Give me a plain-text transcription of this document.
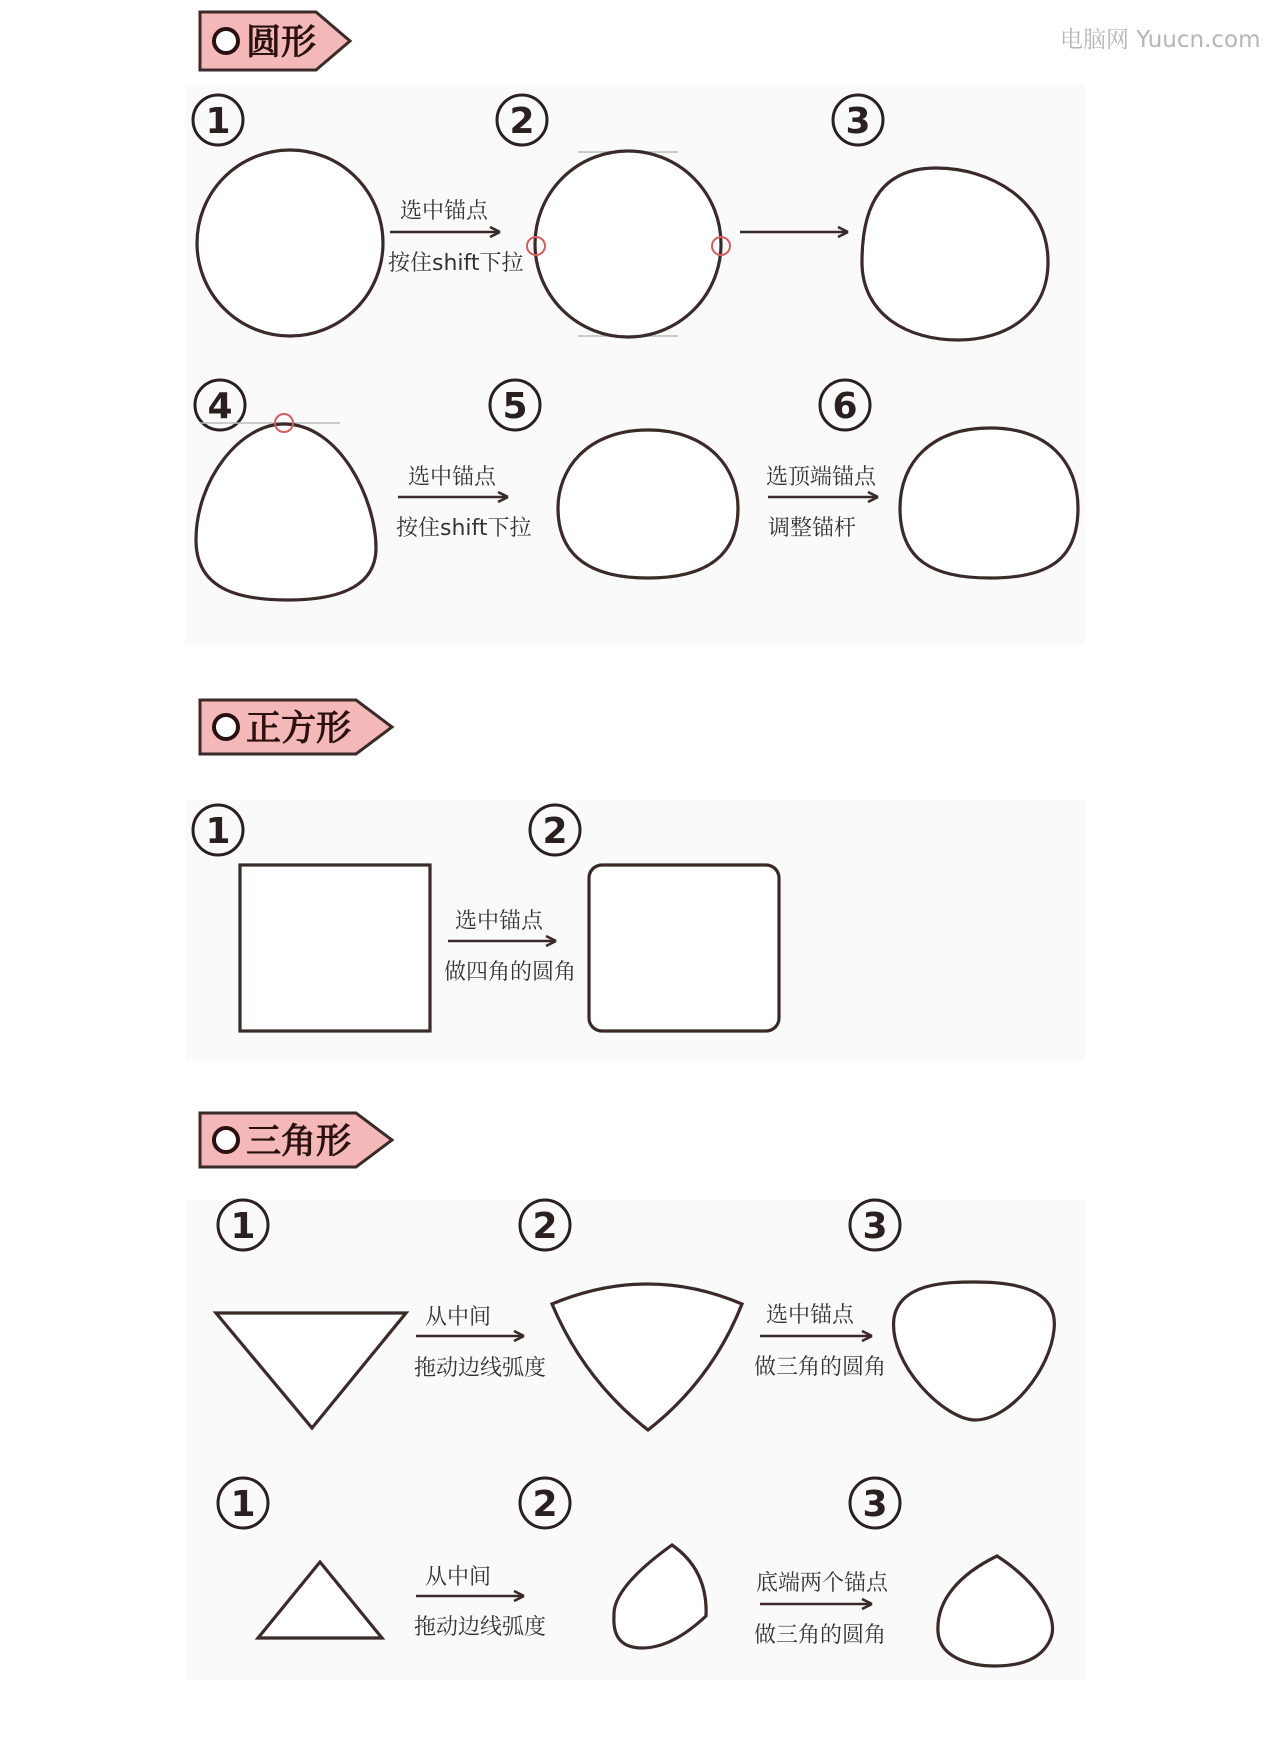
电脑网 Yuucn.com
圆形
1	2	3
选中锚点
按住shift下拉
4	5	6
选中锚点
按住shift下拉
选顶端锚点
调整锚杆
正方形
1	2
选中锚点
做四角的圆角
三角形
1	2	3
从中间
拖动边线弧度
选中锚点
做三角的圆角
1	2	3
从中间
拖动边线弧度
底端两个锚点
做三角的圆角
